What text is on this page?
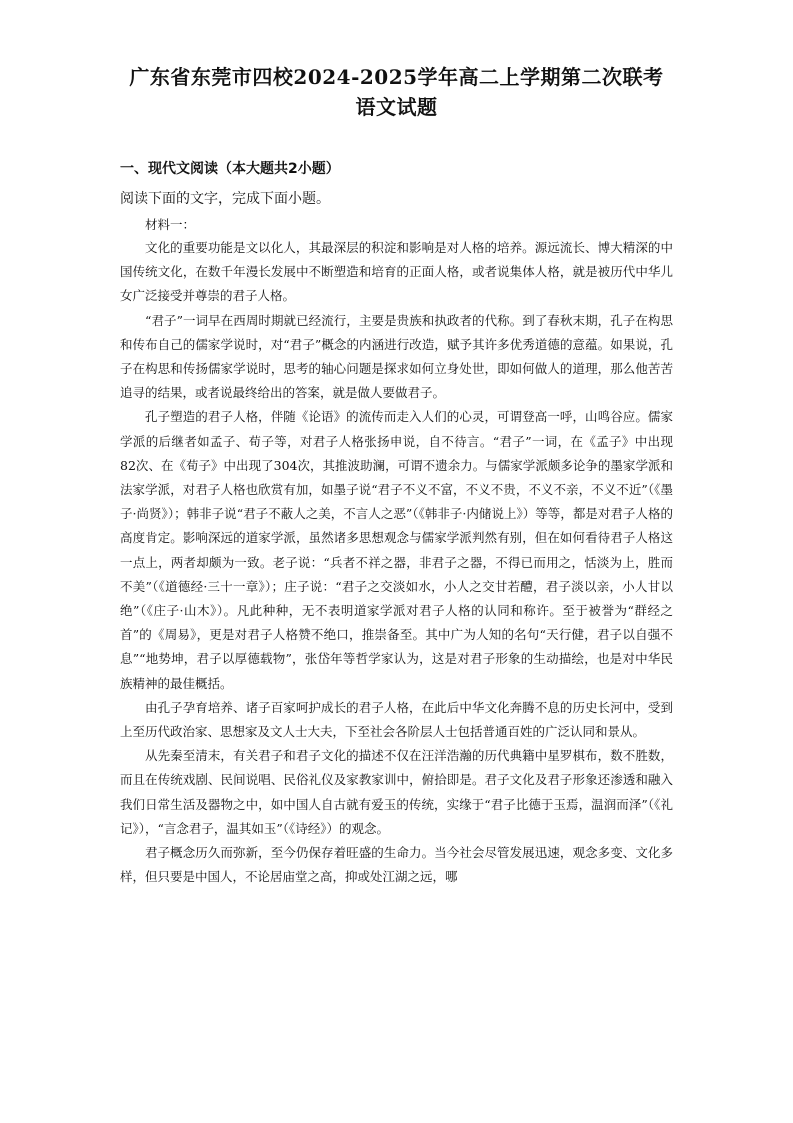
广东省东莞市四校2024-2025学年高二上学期第二次联考
语文试题
一、现代文阅读（本大题共2小题）
阅读下面的文字，完成下面小题。
材料一：

文化的重要功能是文以化人，其最深层的积淀和影响是对人格的培养。源远流长、博大精深的中国传统文化，在数千年漫长发展中不断塑造和培育的正面人格，或者说集体人格，就是被历代中华儿女广泛接受并尊崇的君子人格。

“君子”一词早在西周时期就已经流行，主要是贵族和执政者的代称。到了春秋末期，孔子在构思和传布自己的儒家学说时，对“君子”概念的内涵进行改造，赋予其许多优秀道德的意蕴。如果说，孔子在构思和传扬儒家学说时，思考的轴心问题是探求如何立身处世，即如何做人的道理，那么他苦苦追寻的结果，或者说最终给出的答案，就是做人要做君子。

孔子塑造的君子人格，伴随《论语》的流传而走入人们的心灵，可谓登高一呼，山鸣谷应。儒家学派的后继者如孟子、荀子等，对君子人格张扬申说，自不待言。“君子”一词，在《孟子》中出现82次、在《荀子》中出现了304次，其推波助澜，可谓不遗余力。与儒家学派颇多论争的墨家学派和法家学派，对君子人格也欣赏有加，如墨子说“君子不义不富，不义不贵，不义不亲，不义不近”（《墨子·尚贤》）；韩非子说“君子不蔽人之美，不言人之恶”（《韩非子·内储说上》）等等，都是对君子人格的高度肯定。影响深远的道家学派，虽然诸多思想观念与儒家学派判然有别，但在如何看待君子人格这一点上，两者却颇为一致。老子说：“兵者不祥之器，非君子之器，不得已而用之，恬淡为上，胜而不美”（《道德经·三十一章》）；庄子说：“君子之交淡如水，小人之交甘若醴，君子淡以亲，小人甘以绝”（《庄子·山木》）。凡此种种，无不表明道家学派对君子人格的认同和称许。至于被誉为“群经之首”的《周易》，更是对君子人格赞不绝口，推崇备至。其中广为人知的名句“天行健，君子以自强不息”“地势坤，君子以厚德载物”，张岱年等哲学家认为，这是对君子形象的生动描绘，也是对中华民族精神的最佳概括。

由孔子孕育培养、诸子百家呵护成长的君子人格，在此后中华文化奔腾不息的历史长河中，受到上至历代政治家、思想家及文人士大夫，下至社会各阶层人士包括普通百姓的广泛认同和景从。

从先秦至清末，有关君子和君子文化的描述不仅在汪洋浩瀚的历代典籍中星罗棋布，数不胜数，而且在传统戏剧、民间说唱、民俗礼仪及家教家训中，俯拾即是。君子文化及君子形象还渗透和融入我们日常生活及器物之中，如中国人自古就有爱玉的传统，实缘于“君子比德于玉焉，温润而泽”（《礼记》），“言念君子，温其如玉”（《诗经》）的观念。

君子概念历久而弥新，至今仍保存着旺盛的生命力。当今社会尽管发展迅速，观念多变、文化多样，但只要是中国人，不论居庙堂之高，抑或处江湖之远，哪
